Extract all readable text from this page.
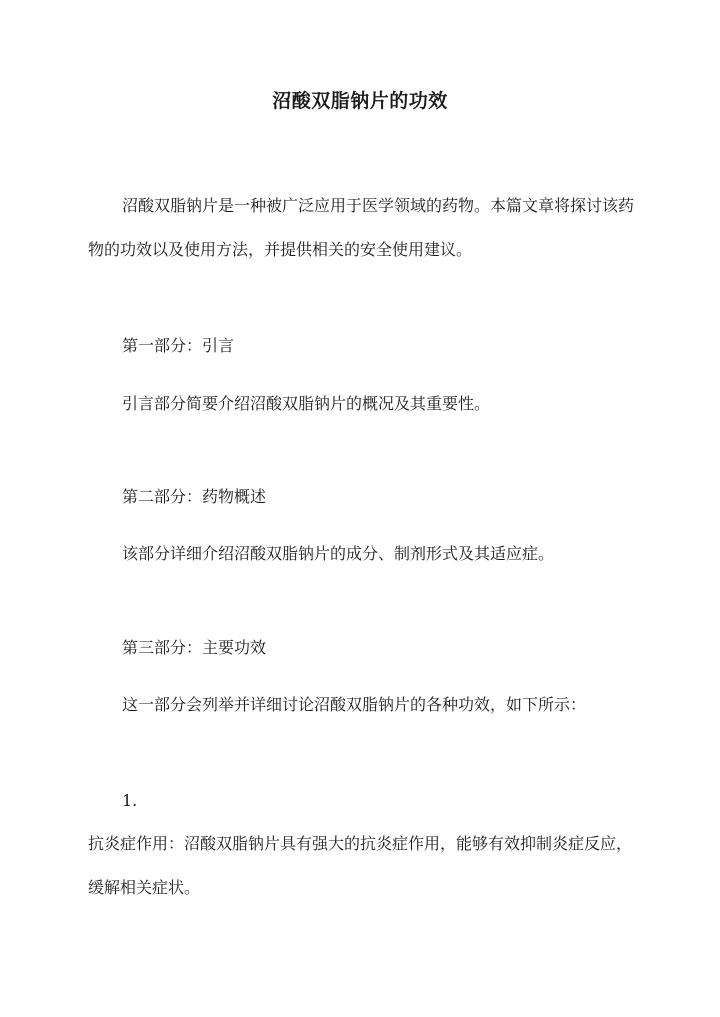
沼酸双脂钠片的功效

沼酸双脂钠片是一种被广泛应用于医学领域的药物。本篇文章将探讨该药物的功效以及使用方法，并提供相关的安全使用建议。

第一部分：引言
引言部分简要介绍沼酸双脂钠片的概况及其重要性。
第二部分：药物概述
该部分详细介绍沼酸双脂钠片的成分、制剂形式及其适应症。
第三部分：主要功效
这一部分会列举并详细讨论沼酸双脂钠片的各种功效，如下所示：
1.

抗炎症作用：沼酸双脂钠片具有强大的抗炎症作用，能够有效抑制炎症反应，缓解相关症状。
